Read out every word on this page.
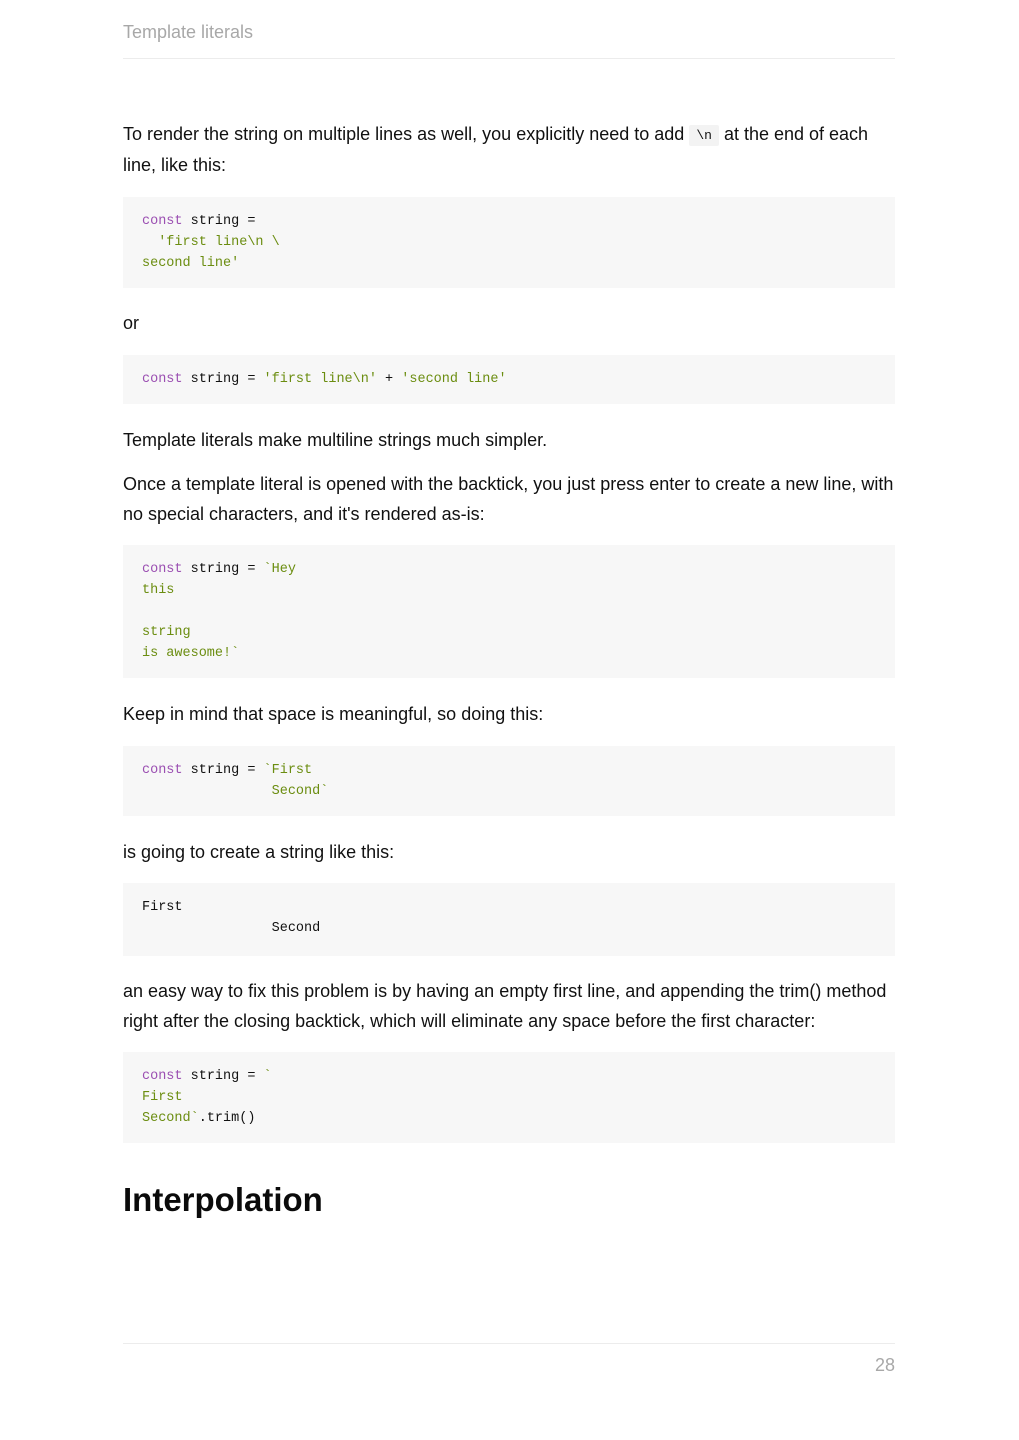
Template literals

To render the string on multiple lines as well, you explicitly need to add \n at the end of each line, like this:

const string =
'first line\n \
second line'

or

const string = 'first line\n' + 'second line'

Template literals make multiline strings much simpler.

Once a template literal is opened with the backtick, you just press enter to create a new line, with no special characters, and it's rendered as-is:

const string = `Hey
this

string
is awesome!`

Keep in mind that space is meaningful, so doing this:

const string = `First
Second`

is going to create a string like this:

First
Second

an easy way to fix this problem is by having an empty first line, and appending the trim() method right after the closing backtick, which will eliminate any space before the first character:

const string = `
First
Second`.trim()
Interpolation
28
